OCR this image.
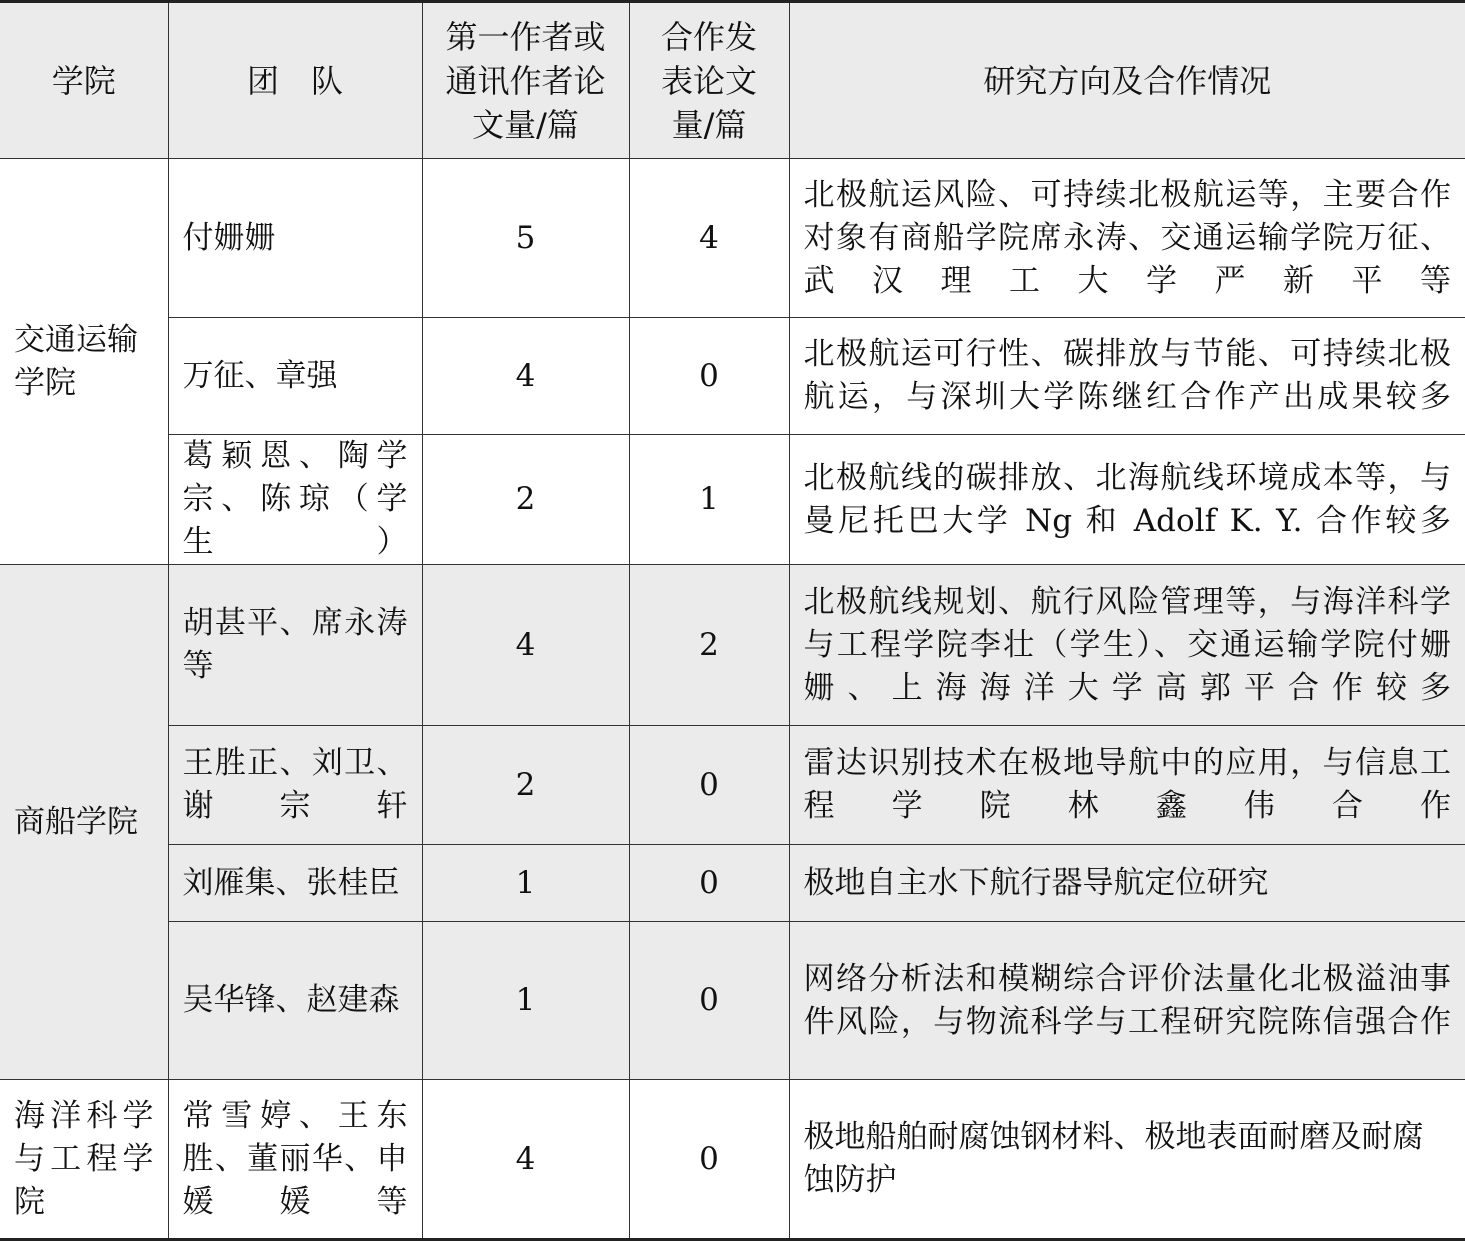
学院	团　队	第一作者或通讯作者论文量/篇	合作发表论文量/篇	研究方向及合作情况
交通运输学院	付姗姗	5	4	北极航运风险、可持续北极航运等，主要合作对象有商船学院席永涛、交通运输学院万征、武汉理工大学严新平等
	万征、章强	4	0	北极航运可行性、碳排放与节能、可持续北极航运，与深圳大学陈继红合作产出成果较多
	葛颖恩、陶学宗、陈琼（学生）	2	1	北极航线的碳排放、北海航线环境成本等，与曼尼托巴大学 Ng 和 Adolf K. Y. 合作较多
商船学院	胡甚平、席永涛等	4	2	北极航线规划、航行风险管理等，与海洋科学与工程学院李壮（学生）、交通运输学院付姗姗、上海海洋大学高郭平合作较多
	王胜正、刘卫、谢宗轩	2	0	雷达识别技术在极地导航中的应用，与信息工程学院林鑫伟合作
	刘雁集、张桂臣	1	0	极地自主水下航行器导航定位研究
	吴华锋、赵建森	1	0	网络分析法和模糊综合评价法量化北极溢油事件风险，与物流科学与工程研究院陈信强合作
海洋科学与工程学院	常雪婷、王东胜、董丽华、申媛媛等	4	0	极地船舶耐腐蚀钢材料、极地表面耐磨及耐腐蚀防护
